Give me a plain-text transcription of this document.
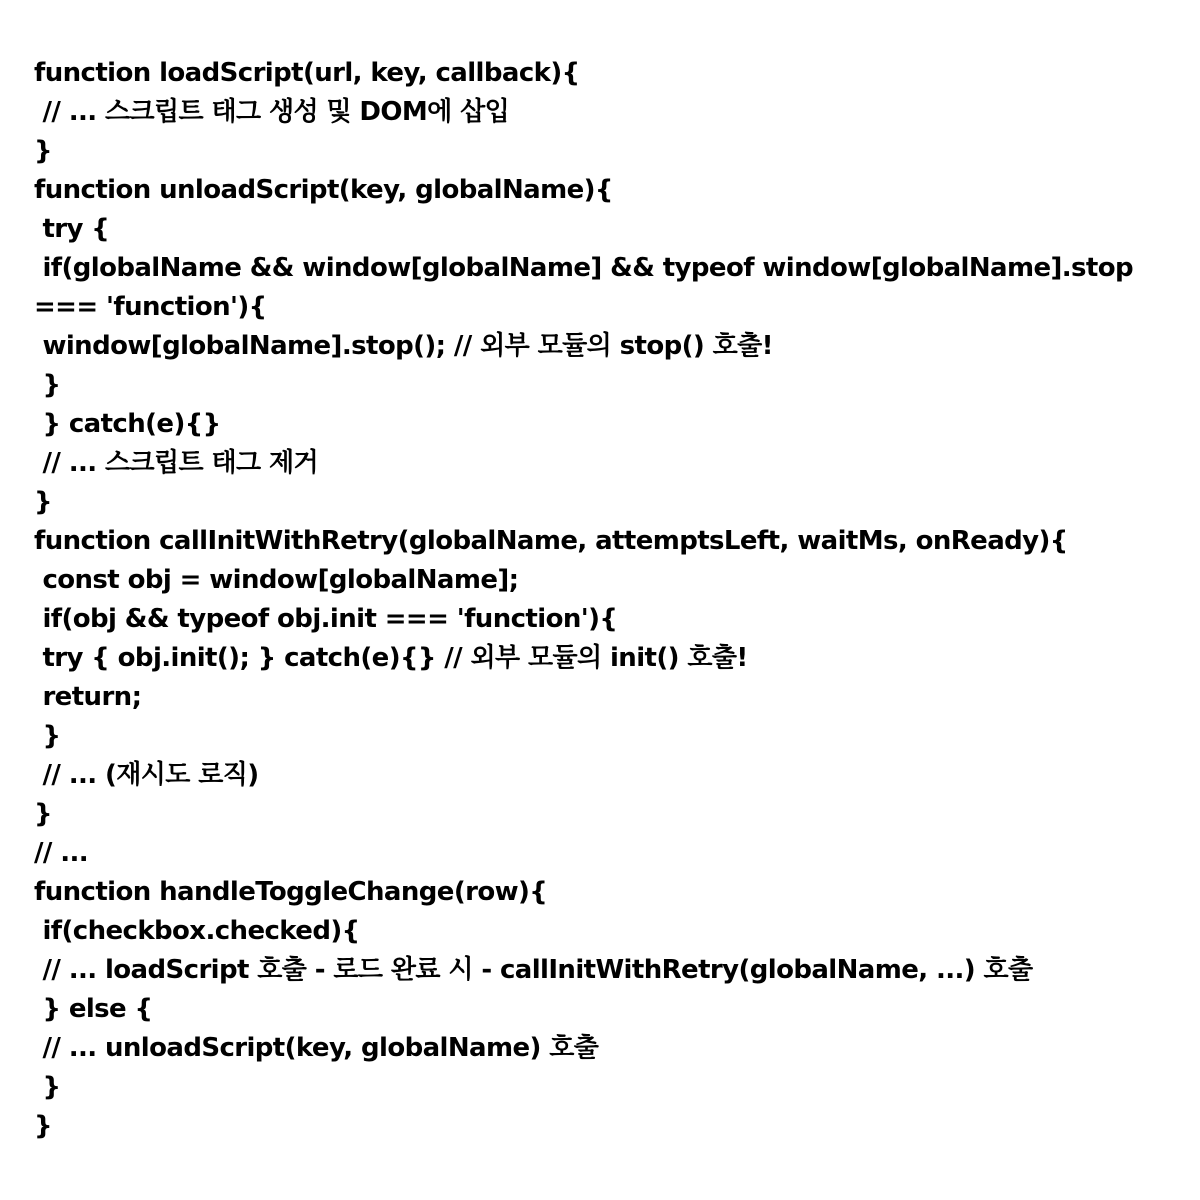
function loadScript(url, key, callback){
// ... 스크립트 태그 생성 및 DOM에 삽입
}
function unloadScript(key, globalName){
try {
if(globalName && window[globalName] && typeof window[globalName].stop
=== 'function'){
window[globalName].stop(); // 외부 모듈의 stop() 호출!
}
} catch(e){}
// ... 스크립트 태그 제거
}
function callInitWithRetry(globalName, attemptsLeft, waitMs, onReady){
const obj = window[globalName];
if(obj && typeof obj.init === 'function'){
try { obj.init(); } catch(e){} // 외부 모듈의 init() 호출!
return;
}
// ... (재시도 로직)
}
// ...
function handleToggleChange(row){
if(checkbox.checked){
// ... loadScript 호출 - 로드 완료 시 - callInitWithRetry(globalName, ...) 호출
} else {
// ... unloadScript(key, globalName) 호출
}
}
